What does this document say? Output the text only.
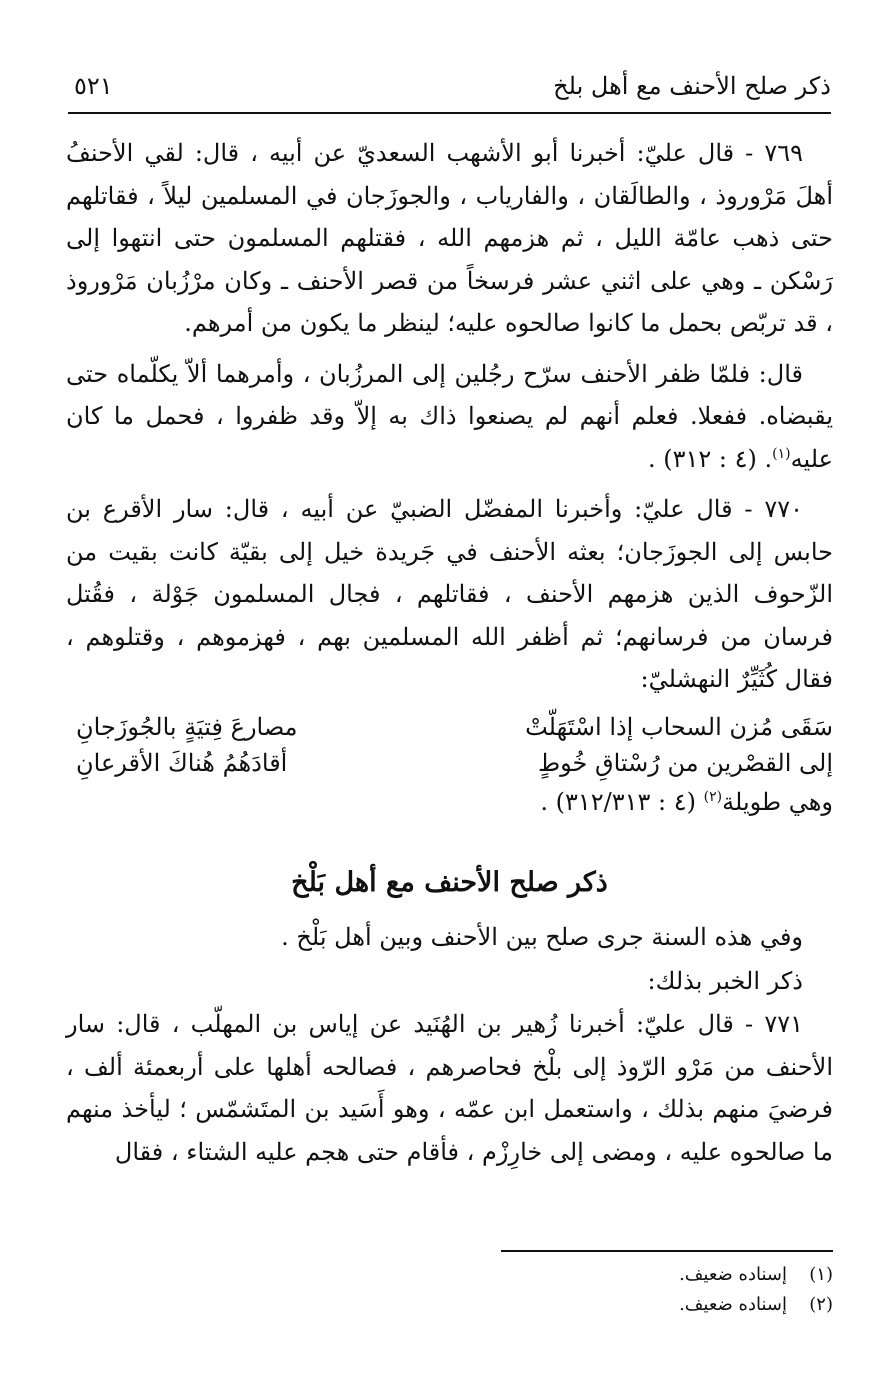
ذكر صلح الأحنف مع أهل بلخ
٥٢١

٧٦٩ - قال عليّ: أخبرنا أبو الأشهب السعديّ عن أبيه ، قال: لقي الأحنفُ أهلَ مَرْوروذ ، والطالَقان ، والفارياب ، والجوزَجان في المسلمين ليلاً ، فقاتلهم حتى ذهب عامّة الليل ، ثم هزمهم الله ، فقتلهم المسلمون حتى انتهوا إلى رَسْكن ـ وهي على اثني عشر فرسخاً من قصر الأحنف ـ وكان مرْزُبان مَرْوروذ ، قد تربّص بحمل ما كانوا صالحوه عليه؛ لينظر ما يكون من أمرهم.

قال: فلمّا ظفر الأحنف سرّح رجُلين إلى المرزُبان ، وأمرهما ألاّ يكلّماه حتى يقبضاه. ففعلا. فعلم أنهم لم يصنعوا ذاك به إلاّ وقد ظفروا ، فحمل ما كان عليه$^{(١)}$. (٤ : ٣١٢) .

٧٧٠ - قال عليّ: وأخبرنا المفضّل الضبيّ عن أبيه ، قال: سار الأقرع بن حابس إلى الجوزَجان؛ بعثه الأحنف في جَريدة خيل إلى بقيّة كانت بقيت من الزّحوف الذين هزمهم الأحنف ، فقاتلهم ، فجال المسلمون جَوْلة ، فقُتل فرسان من فرسانهم؛ ثم أظفر الله المسلمين بهم ، فهزموهم ، وقتلوهم ، فقال كُثَيِّرٌ النهشليّ:

سَقَى مُزن السحاب إذا اسْتَهَلّتْ
مصارعَ فِتيَةٍ بالجُوزَجانِ
إلى القصْرين من رُسْتاقِ خُوطٍ
أقادَهُمُ هُناكَ الأقرعانِ

وهي طويلة$^{(٢)}$ (٤ : ٣١٢/٣١٣) .

ذكر صلح الأحنف مع أهل بَلْخ

وفي هذه السنة جرى صلح بين الأحنف وبين أهل بَلْخ .

ذكر الخبر بذلك:

٧٧١ - قال عليّ: أخبرنا زُهير بن الهُنَيد عن إياس بن المهلّب ، قال: سار الأحنف من مَرْو الرّوذ إلى بلْخ فحاصرهم ، فصالحه أهلها على أربعمئة ألف ، فرضيَ منهم بذلك ، واستعمل ابن عمّه ، وهو أَسَيد بن المتَشمّس ؛ ليأخذ منهم ما صالحوه عليه ، ومضى إلى خارِزْم ، فأقام حتى هجم عليه الشتاء ، فقال

(١)
إسناده ضعيف.
(٢)
إسناده ضعيف.
